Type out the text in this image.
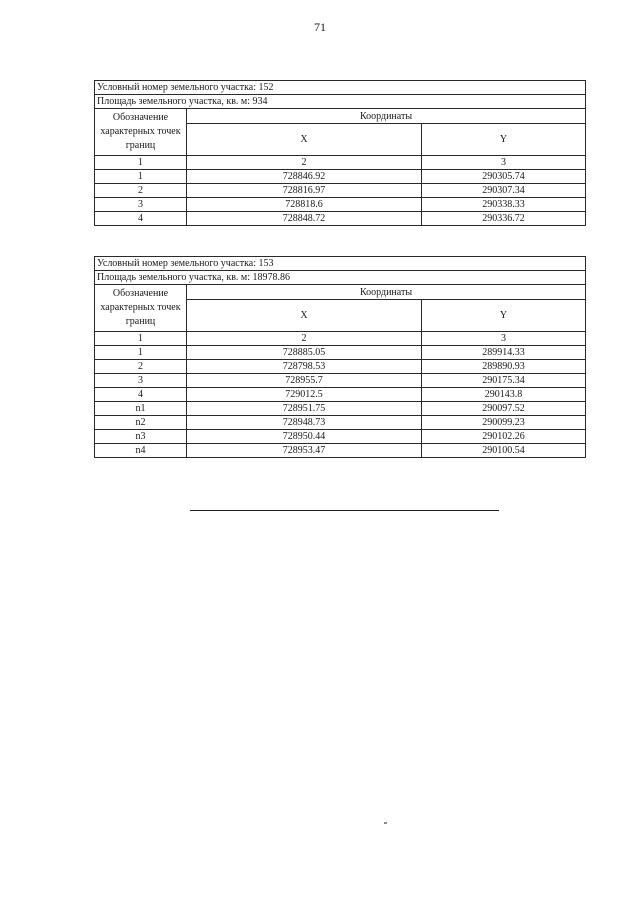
71
Условный номер земельного участка: 152		
Площадь земельного участка, кв. м: 934		
Обозначение характерных точек границ	Координаты	
	X	Y
1	2	3
1	728846.92	290305.74
2	728816.97	290307.34
3	728818.6	290338.33
4	728848.72	290336.72
Условный номер земельного участка: 153		
Площадь земельного участка, кв. м: 18978.86		
Обозначение характерных точек границ	Координаты	
	X	Y
1	2	3
1	728885.05	289914.33
2	728798.53	289890.93
3	728955.7	290175.34
4	729012.5	290143.8
n1	728951.75	290097.52
n2	728948.73	290099.23
n3	728950.44	290102.26
n4	728953.47	290100.54
